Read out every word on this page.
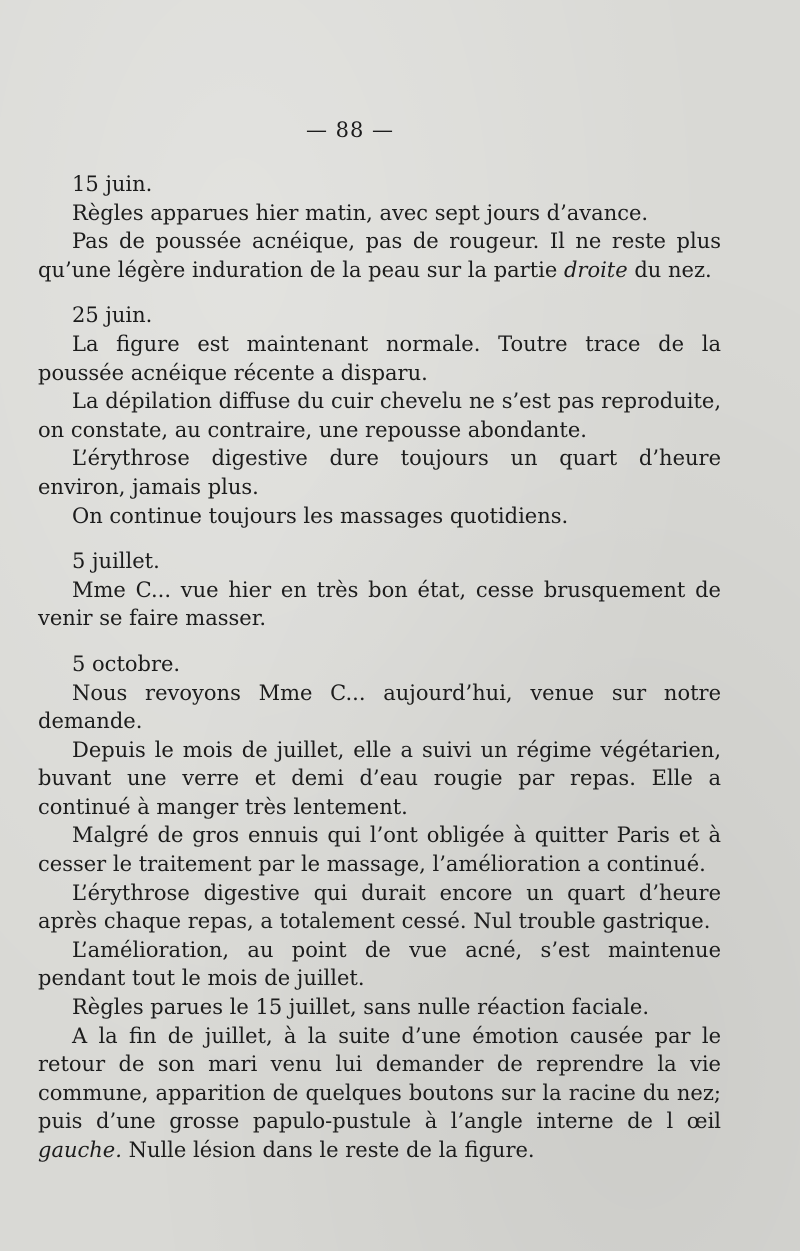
— 88 —

15 juin.

Règles apparues hier matin, avec sept jours d’avance.

Pas de poussée acnéique, pas de rougeur. Il ne reste plus qu’une légère induration de la peau sur la partie droite du nez.

25 juin.

La figure est maintenant normale. Toutre trace de la poussée acnéique récente a disparu.

La dépilation diffuse du cuir chevelu ne s’est pas reproduite, on constate, au contraire, une repousse abondante.

L’érythrose digestive dure toujours un quart d’heure environ, jamais plus.

On continue toujours les massages quotidiens.

5 juillet.

Mme C... vue hier en très bon état, cesse brusquement de venir se faire masser.

5 octobre.

Nous revoyons Mme C... aujourd’hui, venue sur notre demande.

Depuis le mois de juillet, elle a suivi un régime végétarien, buvant une verre et demi d’eau rougie par repas. Elle a continué à manger très lentement.

Malgré de gros ennuis qui l’ont obligée à quitter Paris et à cesser le traitement par le massage, l’amélioration a continué.

L’érythrose digestive qui durait encore un quart d’heure après chaque repas, a totalement cessé. Nul trouble gastrique.

L’amélioration, au point de vue acné, s’est maintenue pendant tout le mois de juillet.

Règles parues le 15 juillet, sans nulle réaction faciale.

A la fin de juillet, à la suite d’une émotion causée par le retour de son mari venu lui demander de reprendre la vie commune, apparition de quelques boutons sur la racine du nez; puis d’une grosse papulo-pustule à l’angle interne de l œil gauche. Nulle lésion dans le reste de la figure.
